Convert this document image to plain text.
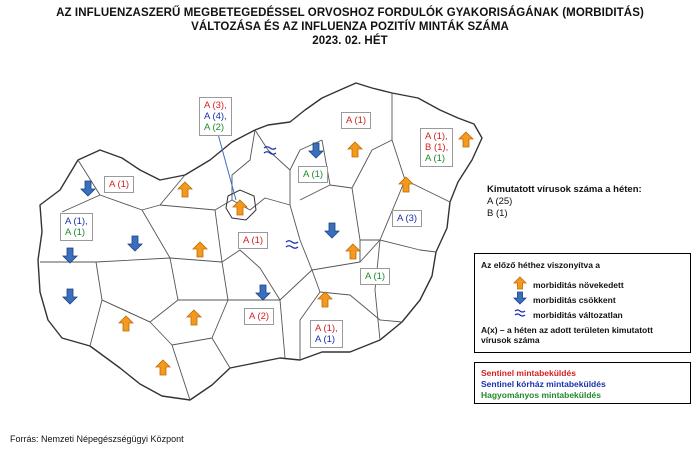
AZ INFLUENZASZERŰ MEGBETEGEDÉSSEL ORVOSHOZ FORDULÓK GYAKORISÁGÁNAK (MORBIDITÁS)
VÁLTOZÁSA ÉS AZ INFLUENZA POZITÍV MINTÁK SZÁMA
2023. 02. HÉT
A (1)
A (1),
A (1)
A (3),
A (4),
A (2)
A (1)
A (1),
B (1),
A (1)
A (1)
A (3)
A (1)
A (1)
A (2)
A (1),
A (1)
Kimutatott vírusok száma a héten:
A (25)
B (1)
Az előző héthez viszonyítva a
morbiditás növekedett
morbiditás csökkent
morbiditás változatlan
A(x) – a héten az adott területen kimutatott vírusok száma
Sentinel mintabeküldés
Sentinel kórház mintabeküldés
Hagyományos mintabeküldés
Forrás: Nemzeti Népegészségügyi Központ
